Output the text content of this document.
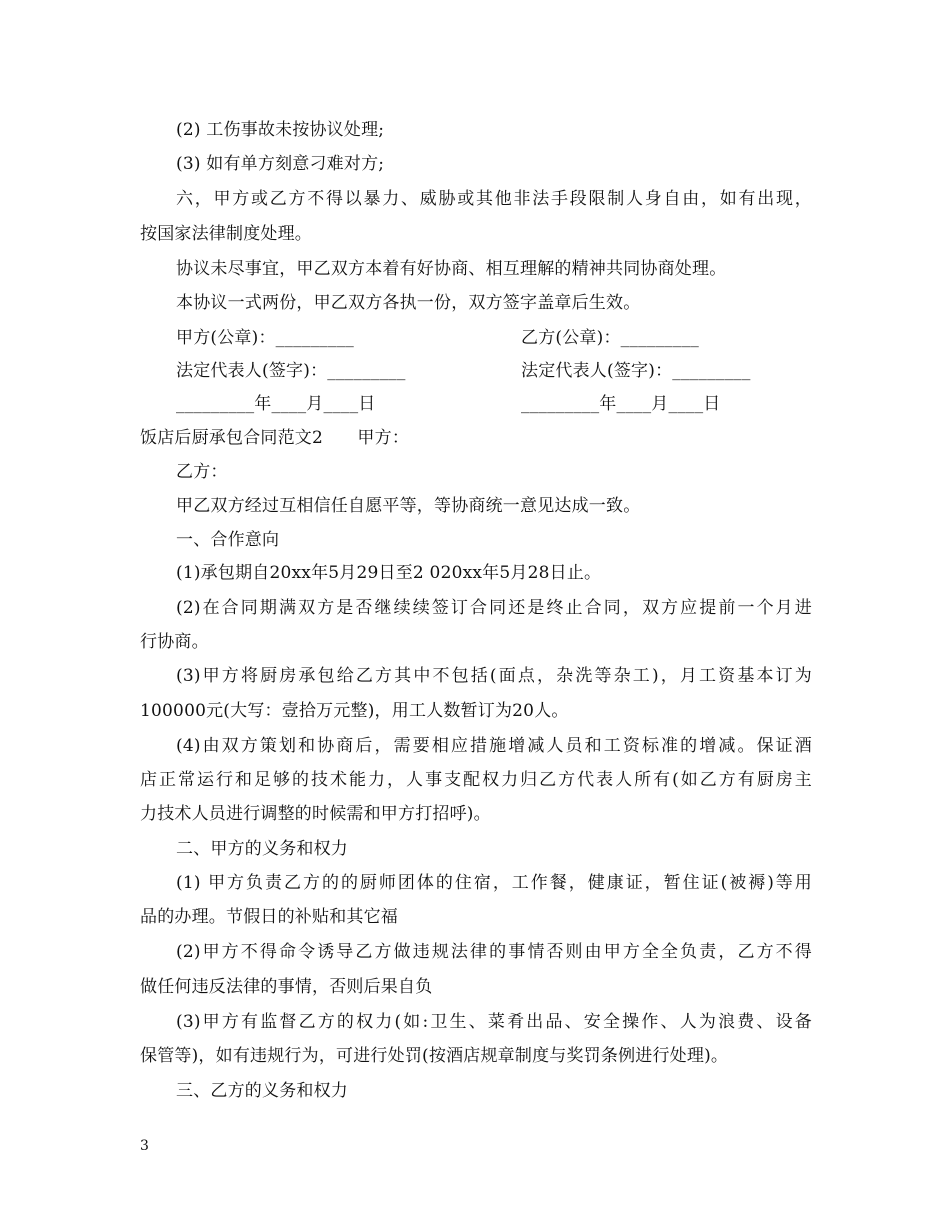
(2) 工伤事故未按协议处理;
(3) 如有单方刻意刁难对方;
六，甲方或乙方不得以暴力、威胁或其他非法手段限制人身自由，如有出现，
按国家法律制度处理。
协议未尽事宜，甲乙双方本着有好协商、相互理解的精神共同协商处理。
本协议一式两份，甲乙双方各执一份，双方签字盖章后生效。
甲方(公章)：_________	乙方(公章)：_________
法定代表人(签字)：_________	法定代表人(签字)：_________
_________年____月____日	_________年____月____日
饭店后厨承包合同范文2　　甲方：
乙方：
甲乙双方经过互相信任自愿平等，等协商统一意见达成一致。
一、合作意向
(1)承包期自20xx年5月29日至2 020xx年5月28日止。
(2)在合同期满双方是否继续续签订合同还是终止合同，双方应提前一个月进
行协商。
(3)甲方将厨房承包给乙方其中不包括(面点，杂洗等杂工)，月工资基本订为
100000元(大写：壹拾万元整)，用工人数暂订为20人。
(4)由双方策划和协商后，需要相应措施增减人员和工资标准的增减。保证酒
店正常运行和足够的技术能力，人事支配权力归乙方代表人所有(如乙方有厨房主
力技术人员进行调整的时候需和甲方打招呼)。
二、甲方的义务和权力
(1) 甲方负责乙方的的厨师团体的住宿，工作餐，健康证，暂住证(被褥)等用
品的办理。节假日的补贴和其它福
(2)甲方不得命令诱导乙方做违规法律的事情否则由甲方全全负责，乙方不得
做任何违反法律的事情，否则后果自负
(3)甲方有监督乙方的权力(如:卫生、菜肴出品、安全操作、人为浪费、设备
保管等)，如有违规行为，可进行处罚(按酒店规章制度与奖罚条例进行处理)。
三、乙方的义务和权力
3
